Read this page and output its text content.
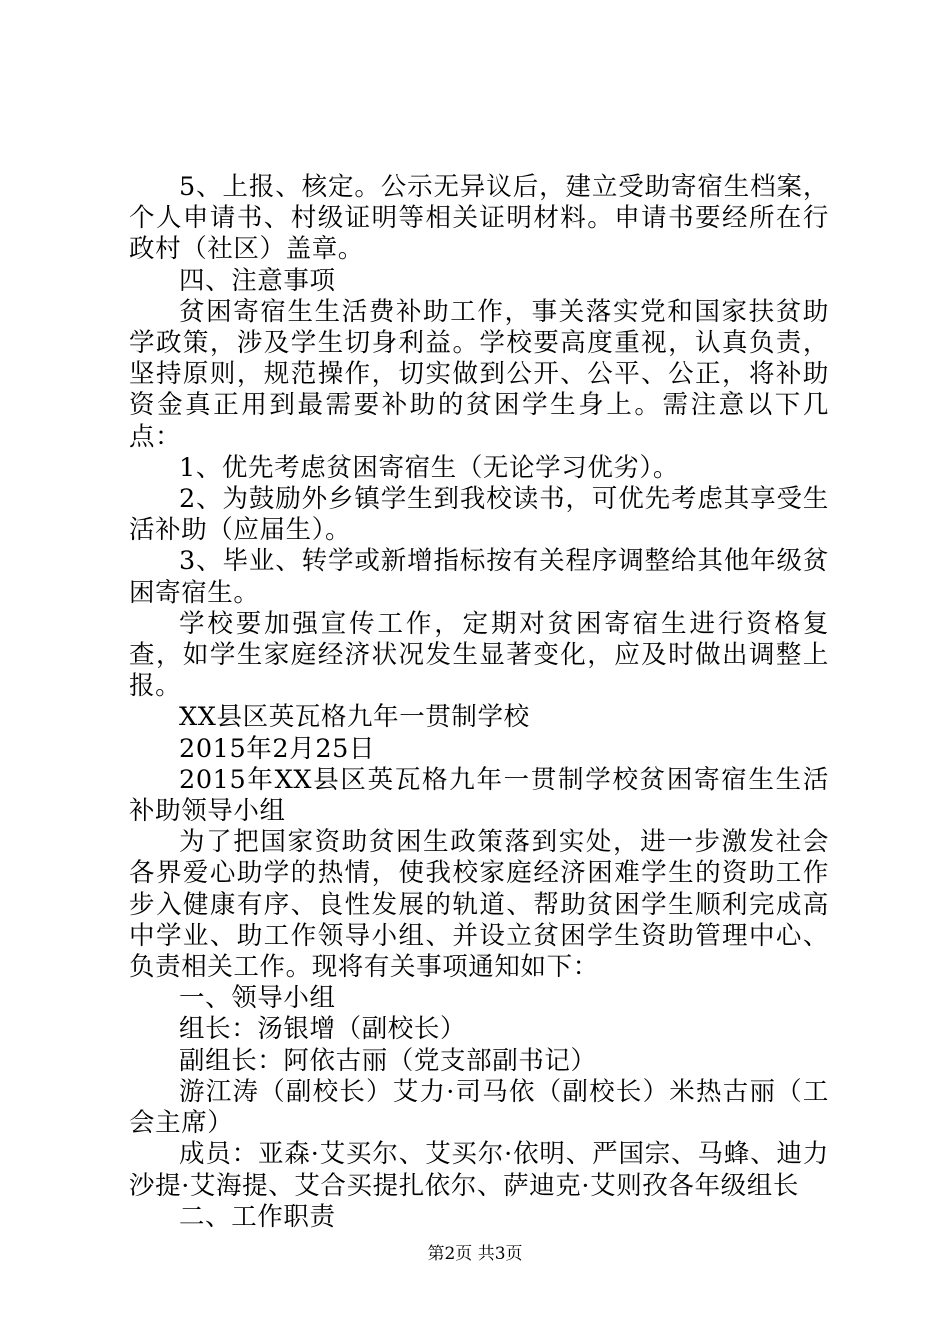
5、上报、核定。公示无异议后，建立受助寄宿生档案，个人申请书、村级证明等相关证明材料。申请书要经所在行政村（社区）盖章。

四、注意事项

贫困寄宿生生活费补助工作，事关落实党和国家扶贫助学政策，涉及学生切身利益。学校要高度重视，认真负责，坚持原则，规范操作，切实做到公开、公平、公正，将补助资金真正用到最需要补助的贫困学生身上。需注意以下几点：

1、优先考虑贫困寄宿生（无论学习优劣）。

2、为鼓励外乡镇学生到我校读书，可优先考虑其享受生活补助（应届生）。

3、毕业、转学或新增指标按有关程序调整给其他年级贫困寄宿生。

学校要加强宣传工作，定期对贫困寄宿生进行资格复查，如学生家庭经济状况发生显著变化，应及时做出调整上报。

XX县区英瓦格九年一贯制学校

2015年2月25日

2015年XX县区英瓦格九年一贯制学校贫困寄宿生生活补助领导小组

为了把国家资助贫困生政策落到实处，进一步激发社会各界爱心助学的热情，使我校家庭经济困难学生的资助工作步入健康有序、良性发展的轨道、帮助贫困学生顺利完成高中学业、助工作领导小组、并设立贫困学生资助管理中心、负责相关工作。现将有关事项通知如下：

一、领导小组

组长：汤银增（副校长）

副组长：阿依古丽（党支部副书记）

游江涛（副校长）艾力·司马依（副校长）米热古丽（工会主席）

成员：亚森·艾买尔、艾买尔·依明、严国宗、马蜂、迪力沙提·艾海提、艾合买提扎依尔、萨迪克·艾则孜各年级组长

二、工作职责

第2页 共3页
